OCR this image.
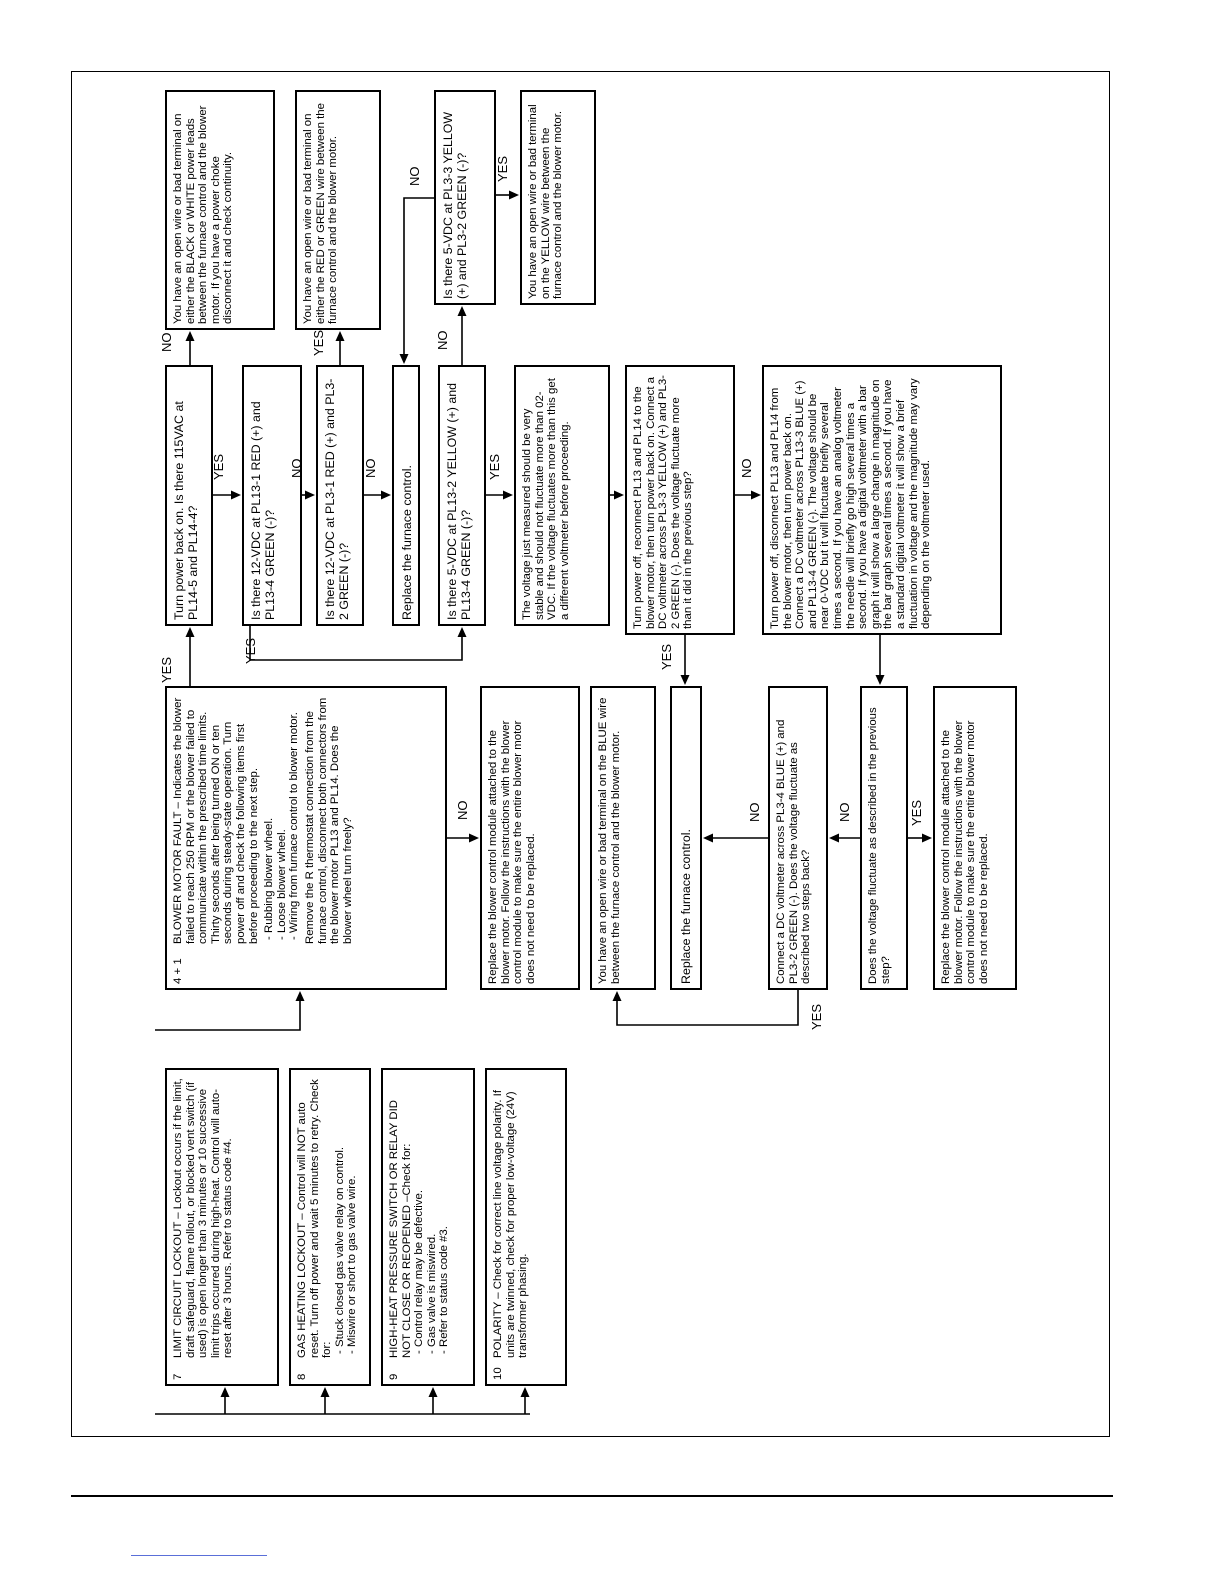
7
LIMIT CIRCUIT LOCKOUT – Lockout occurs if the limit, draft safeguard, flame rollout, or blocked vent switch (if used) is open longer than 3 minutes or 10 successive limit trips occurred during high-heat. Control will auto-reset after 3 hours. Refer to status code #4.
8
GAS HEATING LOCKOUT – Control will NOT auto reset. Turn off power and wait 5 minutes to retry. Check for: - Stuck closed gas valve relay on control.
- Miswire or short to gas valve wire.
9
HIGH-HEAT PRESSURE SWITCH OR RELAY DID NOT CLOSE OR REOPENED –Check for: - Control relay may be defective.
- Gas valve is miswired.
- Refer to status code #3.
10
POLARITY – Check for correct line voltage polarity. If units are twinned, check for proper low-voltage (24V) transformer phasing.
4 + 1
BLOWER MOTOR FAULT – Indicates the blower failed to reach 250 RPM or the blower failed to communicate within the prescribed time limits. Thirty seconds after being turned ON or ten seconds during steady-state operation. Turn power off and check the following items first before proceeding to the next step. - Rubbing blower wheel.
- Loose blower wheel.
- Wiring from furnace control to blower motor. Remove the R thermostat connection from the furnace control, disconnect both connectors from the blower motor PL13 and PL14. Does the blower wheel turn freely?
Turn power back on. Is there 115VAC at PL14-5 and PL14-4?
You have an open wire or bad terminal on either the BLACK or WHITE power leads between the furnace control and the blower motor. If you have a power choke disconnect it and check continuity.
Is there 12-VDC at PL13-1 RED (+) and PL13-4 GREEN (-)?	Is there 12-VDC at PL3-1 RED (+) and PL3-2 GREEN (-)?
You have an open wire or bad terminal on either the RED or GREEN wire between the furnace control and the blower motor.
Replace the furnace control.	Is there 5-VDC at PL13-2 YELLOW (+) and PL13-4 GREEN (-)?
Is there 5-VDC at PL3-3 YELLOW (+) and PL3-2 GREEN (-)?	You have an open wire or bad terminal on the YELLOW wire between the furnace control and the blower motor.
The voltage just measured should be very stable and should not fluctuate more than 02-VDC. If the voltage fluctuates more than this get a different voltmeter before proceeding.	Turn power off, reconnect PL13 and PL14 to the blower motor, then turn power back on. Connect a DC voltmeter across PL3-3 YELLOW (+) and PL3-2 GREEN (-). Does the voltage fluctuate more than it did in the previous step?	Turn power off, disconnect PL13 and PL14 from the blower motor, then turn power back on. Connect a DC voltmeter across PL13-3 BLUE (+) and PL13-4 GREEN (-). The voltage should be near 0-VDC but it will fluctuate briefly several times a second. If you have an analog voltmeter the needle will briefly go high several times a second. If you have a digital voltmeter with a bar graph it will show a large change in magnitude on the bar graph several times a second. If you have a standard digital voltmeter it will show a brief fluctuation in voltage and the magnitude may vary depending on the voltmeter used.
Replace the blower control module attached to the blower motor. Follow the instructions with the blower control module to make sure the entire blower motor does not need to be replaced.	You have an open wire or bad terminal on the BLUE wire between the furnace control and the blower motor.	Replace the furnace control.	Connect a DC voltmeter across PL3-4 BLUE (+) and PL3-2 GREEN (-). Does the voltage fluctuate as described two steps back?	Does the voltage fluctuate as described in the previous step?	Replace the blower control module attached to the blower motor. Follow the instructions with the blower control module to make sure the entire blower motor does not need to be replaced.
YES
NO
YES
YES
NO
YES
NO
NO
NO
YES
YES
NO
YES
NO
NO
YES
NO	YES
